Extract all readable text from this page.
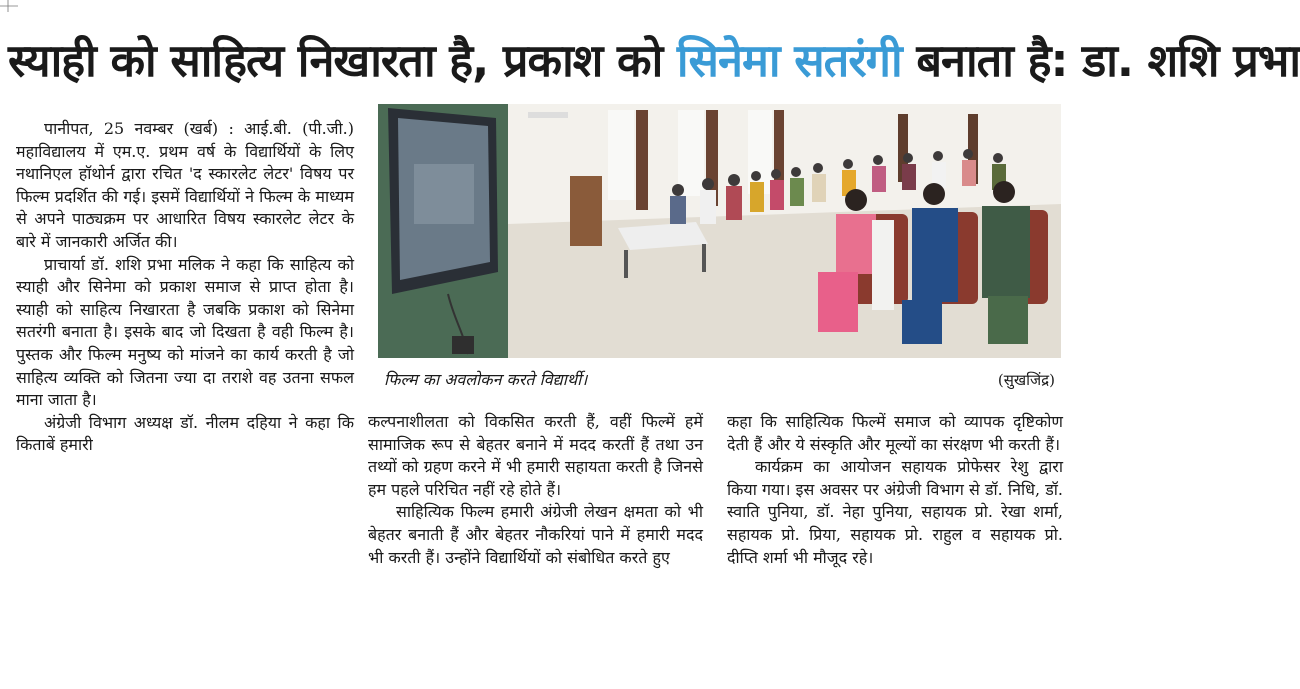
स्याही को साहित्य निखारता है, प्रकाश को सिनेमा सतरंगी बनाता है: डा. शशि प्रभा

पानीपत, 25 नवम्बर (खर्ब) : आई.बी. (पी.जी.) महाविद्यालय में एम.ए. प्रथम वर्ष के विद्यार्थियों के लिए नथानिएल हॉथोर्न द्वारा रचित 'द स्कारलेट लेटर' विषय पर फिल्म प्रदर्शित की गई। इसमें विद्यार्थियों ने फिल्म के माध्यम से अपने पाठ्यक्रम पर आधारित विषय स्कारलेट लेटर के बारे में जानकारी अर्जित की।

प्राचार्या डॉ. शशि प्रभा मलिक ने कहा कि साहित्य को स्याही और सिनेमा को प्रकाश समाज से प्राप्त होता है। स्याही को साहित्य निखारता है जबकि प्रकाश को सिनेमा सतरंगी बनाता है। इसके बाद जो दिखता है वही फिल्म है। पुस्तक और फिल्म मनुष्य को मांजने का कार्य करती है जो साहित्य व्यक्ति को जितना ज्या दा तराशे वह उतना सफल माना जाता है।

अंग्रेजी विभाग अध्यक्ष डॉ. नीलम दहिया ने कहा कि किताबें हमारी

फिल्म का अवलोकन करते विद्यार्थी।	(सुखजिंद्र)

कल्पनाशीलता को विकसित करती हैं, वहीं फिल्में हमें सामाजिक रूप से बेहतर बनाने में मदद करतीं हैं तथा उन तथ्यों को ग्रहण करने में भी हमारी सहायता करती है जिनसे हम पहले परिचित नहीं रहे होते हैं।

साहित्यिक फिल्म हमारी अंग्रेजी लेखन क्षमता को भी बेहतर बनाती हैं और बेहतर नौकरियां पाने में हमारी मदद भी करती हैं। उन्होंने विद्यार्थियों को संबोधित करते हुए

कहा कि साहित्यिक फिल्में समाज को व्यापक दृष्टिकोण देती हैं और ये संस्कृति और मूल्यों का संरक्षण भी करती हैं।

कार्यक्रम का आयोजन सहायक प्रोफेसर रेशु द्वारा किया गया। इस अवसर पर अंग्रेजी विभाग से डॉ. निधि, डॉ. स्वाति पुनिया, डॉ. नेहा पुनिया, सहायक प्रो. रेखा शर्मा, सहायक प्रो. प्रिया, सहायक प्रो. राहुल व सहायक प्रो. दीप्ति शर्मा भी मौजूद रहे।
